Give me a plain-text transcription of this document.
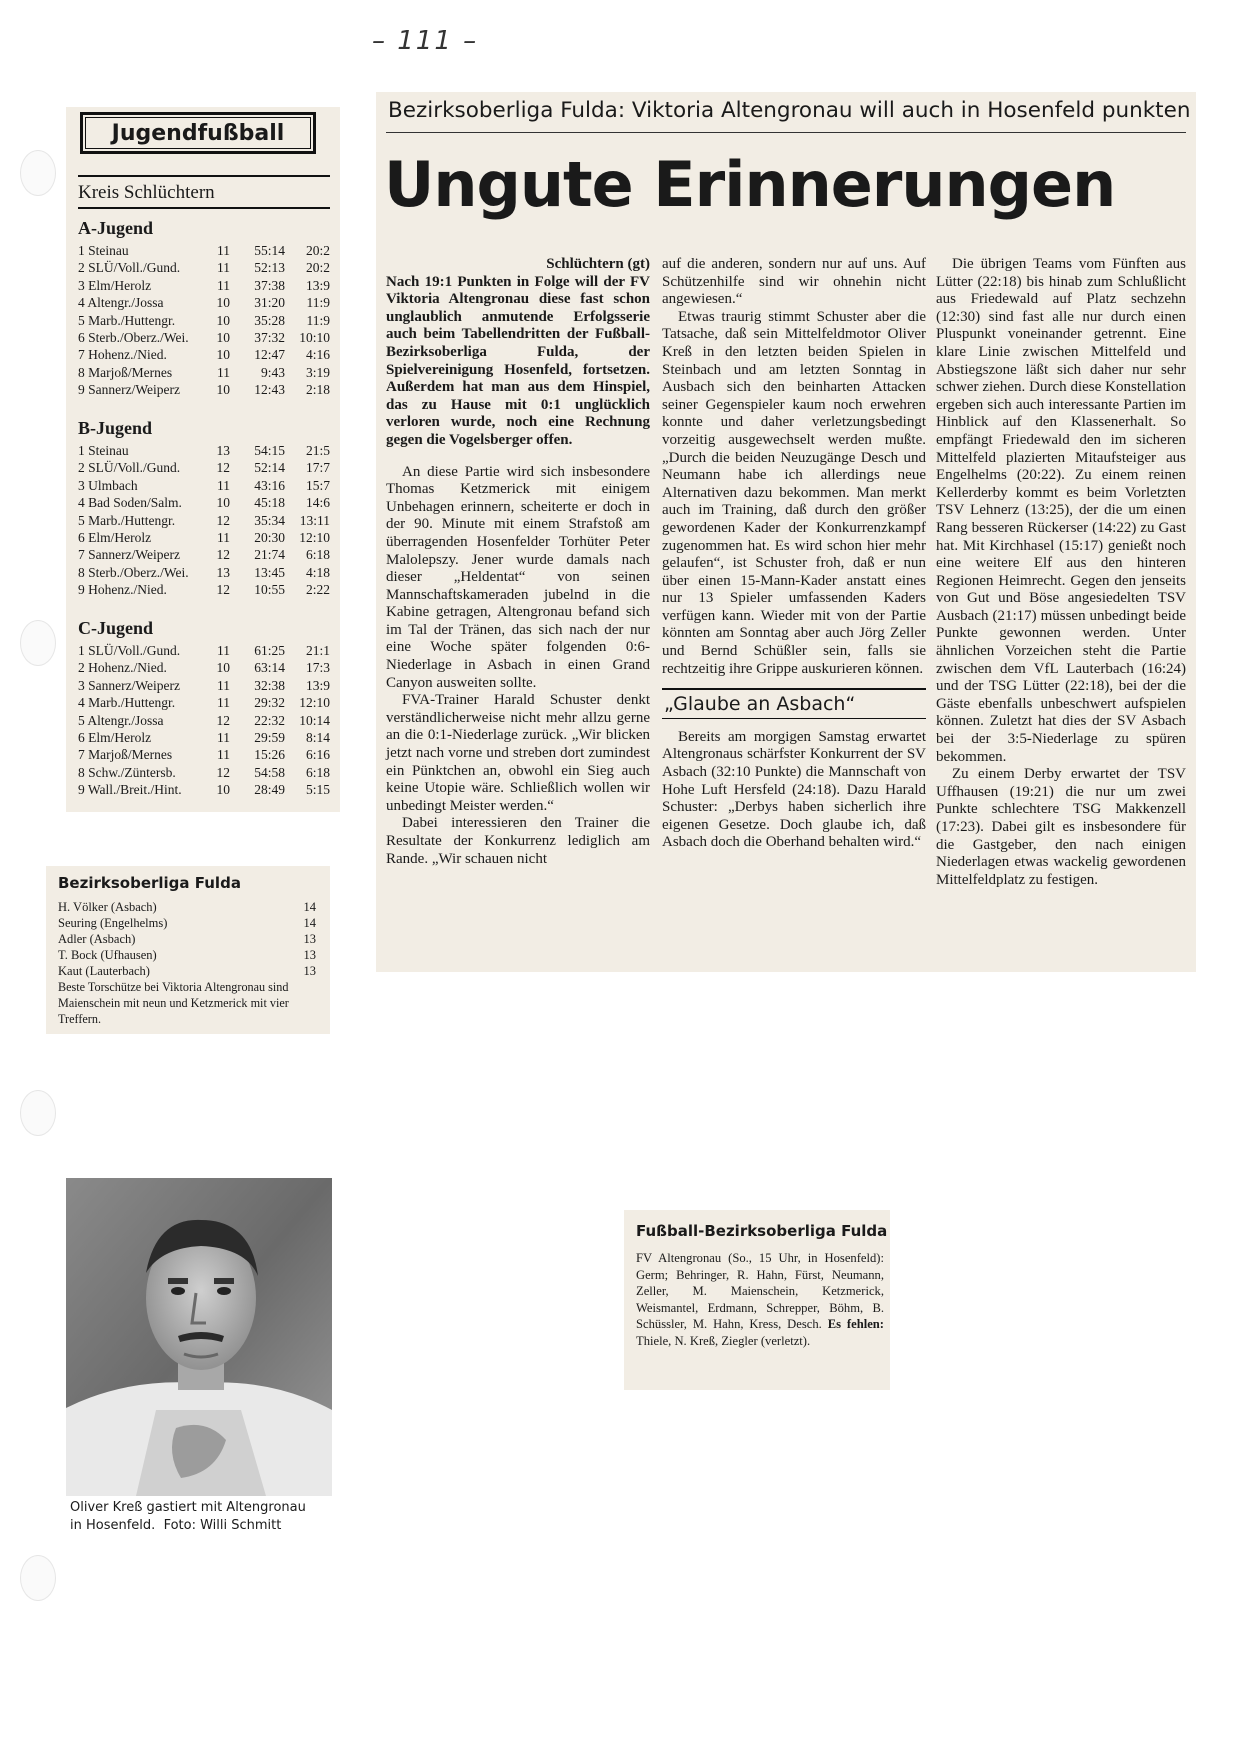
– 111 –
Jugendfußball
Kreis Schlüchtern
A-Jugend
1 Steinau	11	55:14	20:2
2 SLÜ/Voll./Gund.	11	52:13	20:2
3 Elm/Herolz	11	37:38	13:9
4 Altengr./Jossa	10	31:20	11:9
5 Marb./Huttengr.	10	35:28	11:9
6 Sterb./Oberz./Wei.	10	37:32	10:10
7 Hohenz./Nied.	10	12:47	4:16
8 Marjoß/Mernes	11	9:43	3:19
9 Sannerz/Weiperz	10	12:43	2:18
B-Jugend
1 Steinau	13	54:15	21:5
2 SLÜ/Voll./Gund.	12	52:14	17:7
3 Ulmbach	11	43:16	15:7
4 Bad Soden/Salm.	10	45:18	14:6
5 Marb./Huttengr.	12	35:34	13:11
6 Elm/Herolz	11	20:30	12:10
7 Sannerz/Weiperz	12	21:74	6:18
8 Sterb./Oberz./Wei.	13	13:45	4:18
9 Hohenz./Nied.	12	10:55	2:22
C-Jugend
1 SLÜ/Voll./Gund.	11	61:25	21:1
2 Hohenz./Nied.	10	63:14	17:3
3 Sannerz/Weiperz	11	32:38	13:9
4 Marb./Huttengr.	11	29:32	12:10
5 Altengr./Jossa	12	22:32	10:14
6 Elm/Herolz	11	29:59	8:14
7 Marjoß/Mernes	11	15:26	6:16
8 Schw./Züntersb.	12	54:58	6:18
9 Wall./Breit./Hint.	10	28:49	5:15
Bezirksoberliga Fulda
H. Völker (Asbach)	14
Seuring (Engelhelms)	14
Adler (Asbach)	13
T. Bock (Ufhausen)	13
Kaut (Lauterbach)	13
Beste Torschütze bei Viktoria Altengronau sind Maienschein mit neun und Ketzmerick mit vier Treffern.
Oliver Kreß gastiert mit Altengronau
in Hosenfeld. Foto: Willi Schmitt
Fußball-Bezirksoberliga Fulda
FV Altengronau (So., 15 Uhr, in Hosenfeld): Germ; Behringer, R. Hahn, Fürst, Neumann, Zeller, M. Maienschein, Ketzmerick, Weismantel, Erdmann, Schrepper, Böhm, B. Schüssler, M. Hahn, Kress, Desch. Es fehlen: Thiele, N. Kreß, Ziegler (verletzt).
Bezirksoberliga Fulda: Viktoria Altengronau will auch in Hosenfeld punkten
Ungute Erinnerungen

Schlüchtern (gt)

Nach 19:1 Punkten in Folge will der FV Viktoria Altengronau diese fast schon unglaublich anmutende Erfolgsserie auch beim Tabellendritten der Fußball-Bezirksoberliga Fulda, der Spielvereinigung Hosenfeld, fortsetzen. Außerdem hat man aus dem Hinspiel, das zu Hause mit 0:1 unglücklich verloren wurde, noch eine Rechnung gegen die Vogelsberger offen.

An diese Partie wird sich insbesondere Thomas Ketzmerick mit einigem Unbehagen erinnern, scheiterte er doch in der 90. Minute mit einem Strafstoß am überragenden Hosenfelder Torhüter Peter Malolepszy. Jener wurde damals nach dieser „Heldentat“ von seinen Mannschaftskameraden jubelnd in die Kabine getragen, Altengronau befand sich im Tal der Tränen, das sich nach der nur eine Woche später folgenden 0:6-Niederlage in Asbach in einen Grand Canyon ausweiten sollte.

FVA-Trainer Harald Schuster denkt verständlicherweise nicht mehr allzu gerne an die 0:1-Niederlage zurück. „Wir blicken jetzt nach vorne und streben dort zumindest ein Pünktchen an, obwohl ein Sieg auch keine Utopie wäre. Schließlich wollen wir unbedingt Meister werden.“

Dabei interessieren den Trainer die Resultate der Konkurrenz lediglich am Rande. „Wir schauen nicht

auf die anderen, sondern nur auf uns. Auf Schützenhilfe sind wir ohnehin nicht angewiesen.“

Etwas traurig stimmt Schuster aber die Tatsache, daß sein Mittelfeldmotor Oliver Kreß in den letzten beiden Spielen in Steinbach und am letzten Sonntag in Ausbach sich den beinharten Attacken seiner Gegenspieler kaum noch erwehren konnte und daher verletzungsbedingt vorzeitig ausgewechselt werden mußte. „Durch die beiden Neuzugänge Desch und Neumann habe ich allerdings neue Alternativen dazu bekommen. Man merkt auch im Training, daß durch den größer gewordenen Kader der Konkurrenzkampf zugenommen hat. Es wird schon hier mehr gelaufen“, ist Schuster froh, daß er nun über einen 15-Mann-Kader anstatt eines nur 13 Spieler umfassenden Kaders verfügen kann. Wieder mit von der Partie könnten am Sonntag aber auch Jörg Zeller und Bernd Schüßler sein, falls sie rechtzeitig ihre Grippe auskurieren können.

„Glaube an Asbach“

Bereits am morgigen Samstag erwartet Altengronaus schärfster Konkurrent der SV Asbach (32:10 Punkte) die Mannschaft von Hohe Luft Hersfeld (24:18). Dazu Harald Schuster: „Derbys haben sicherlich ihre eigenen Gesetze. Doch glaube ich, daß Asbach doch die Oberhand behalten wird.“

Die übrigen Teams vom Fünften aus Lütter (22:18) bis hinab zum Schlußlicht aus Friedewald auf Platz sechzehn (12:30) sind fast alle nur durch einen Pluspunkt voneinander getrennt. Eine klare Linie zwischen Mittelfeld und Abstiegszone läßt sich daher nur sehr schwer ziehen. Durch diese Konstellation ergeben sich auch interessante Partien im Hinblick auf den Klassenerhalt. So empfängt Friedewald den im sicheren Mittelfeld plazierten Mitaufsteiger aus Engelhelms (20:22). Zu einem reinen Kellerderby kommt es beim Vorletzten TSV Lehnerz (13:25), der die um einen Rang besseren Rückerser (14:22) zu Gast hat. Mit Kirchhasel (15:17) genießt noch eine weitere Elf aus den hinteren Regionen Heimrecht. Gegen den jenseits von Gut und Böse angesiedelten TSV Ausbach (21:17) müssen unbedingt beide Punkte gewonnen werden. Unter ähnlichen Vorzeichen steht die Partie zwischen dem VfL Lauterbach (16:24) und der TSG Lütter (22:18), bei der die Gäste ebenfalls unbeschwert aufspielen können. Zuletzt hat dies der SV Asbach bei der 3:5-Niederlage zu spüren bekommen.

Zu einem Derby erwartet der TSV Uffhausen (19:21) die nur um zwei Punkte schlechtere TSG Makkenzell (17:23). Dabei gilt es insbesondere für die Gastgeber, den nach einigen Niederlagen etwas wackelig gewordenen Mittelfeldplatz zu festigen.
